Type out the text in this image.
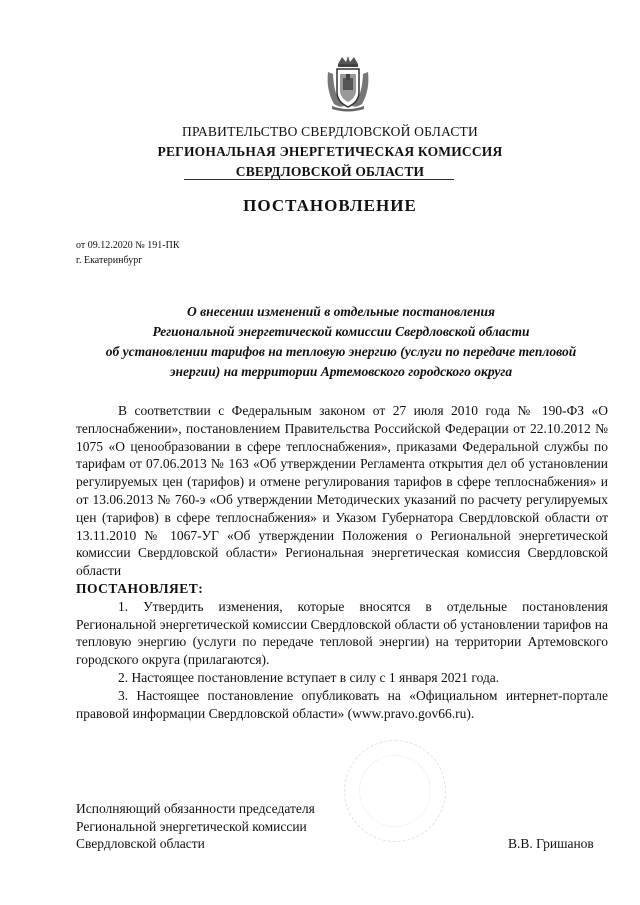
ПРАВИТЕЛЬСТВО СВЕРДЛОВСКОЙ ОБЛАСТИ
РЕГИОНАЛЬНАЯ ЭНЕРГЕТИЧЕСКАЯ КОМИССИЯ
СВЕРДЛОВСКОЙ ОБЛАСТИ
ПОСТАНОВЛЕНИЕ
от 09.12.2020 № 191-ПК
г. Екатеринбург
О внесении изменений в отдельные постановления
Региональной энергетической комиссии Свердловской области
об установлении тарифов на тепловую энергию (услуги по передаче тепловой
энергии) на территории Артемовского городского округа

В соответствии с Федеральным законом от 27 июля 2010 года № 190-ФЗ «О теплоснабжении», постановлением Правительства Российской Федерации от 22.10.2012 № 1075 «О ценообразовании в сфере теплоснабжения», приказами Федеральной службы по тарифам от 07.06.2013 № 163 «Об утверждении Регламента открытия дел об установлении регулируемых цен (тарифов) и отмене регулирования тарифов в сфере теплоснабжения» и от 13.06.2013 № 760-э «Об утверждении Методических указаний по расчету регулируемых цен (тарифов) в сфере теплоснабжения» и Указом Губернатора Свердловской области от 13.11.2010 № 1067-УГ «Об утверждении Положения о Региональной энергетической комиссии Свердловской области» Региональная энергетическая комиссия Свердловской области

ПОСТАНОВЛЯЕТ:

1. Утвердить изменения, которые вносятся в отдельные постановления Региональной энергетической комиссии Свердловской области об установлении тарифов на тепловую энергию (услуги по передаче тепловой энергии) на территории Артемовского городского округа (прилагаются).

2. Настоящее постановление вступает в силу с 1 января 2021 года.

3. Настоящее постановление опубликовать на «Официальном интернет-портале правовой информации Свердловской области» (www.pravo.gov66.ru).

Исполняющий обязанности председателя
Региональной энергетической комиссии
Свердловской области	В.В. Гришанов
